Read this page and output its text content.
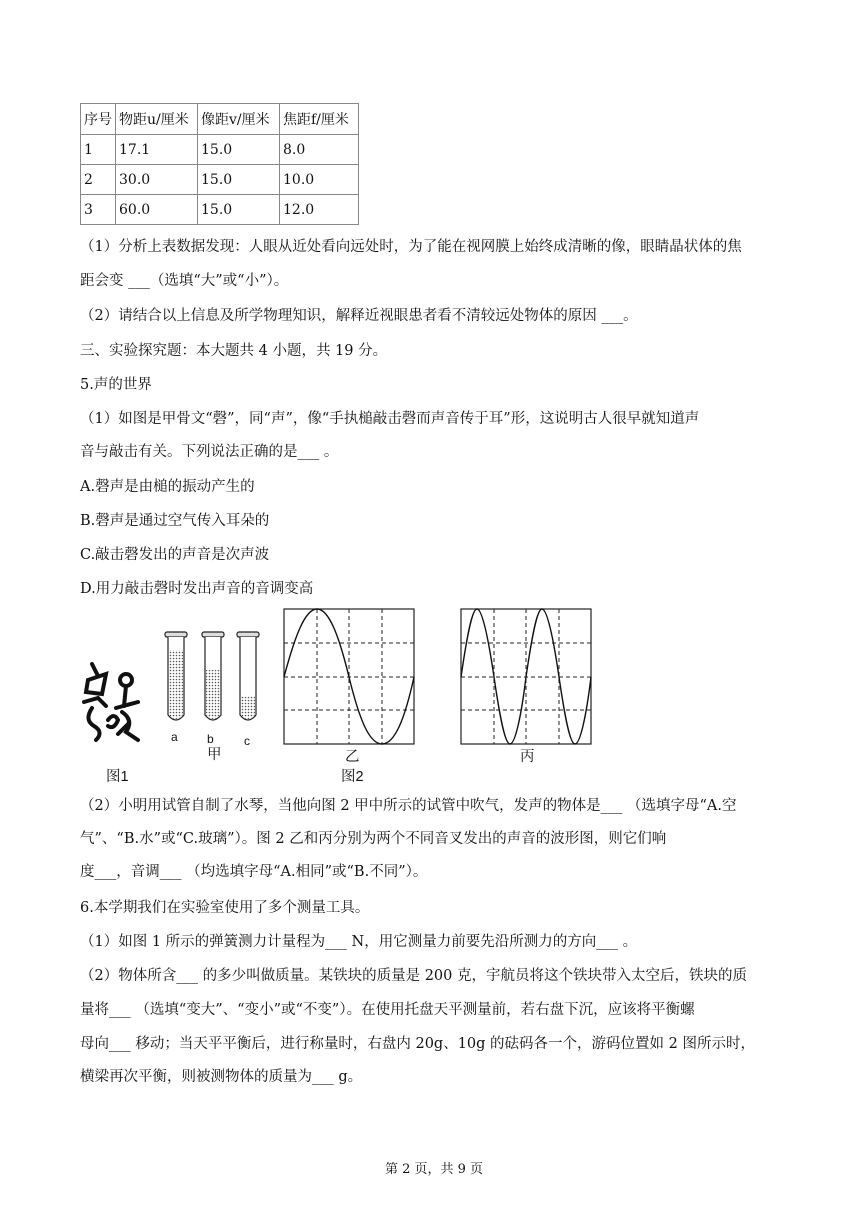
序号	物距u/厘米	像距v/厘米	焦距f/厘米
1	17.1	15.0	8.0
2	30.0	15.0	10.0
3	60.0	15.0	12.0
（1）分析上表数据发现：人眼从近处看向远处时，为了能在视网膜上始终成清晰的像，眼睛晶状体的焦
距会变 ___（选填“大”或“小”）。
（2）请结合以上信息及所学物理知识，解释近视眼患者看不清较远处物体的原因 ___。
三、实验探究题：本大题共 4 小题，共 19 分。
5.声的世界
（1）如图是甲骨文“磬”，同“声”，像“手执槌敲击磬而声音传于耳”形，这说明古人很早就知道声
音与敲击有关。下列说法正确的是___ 。
A.磬声是由槌的振动产生的
B.磬声是通过空气传入耳朵的
C.敲击磬发出的声音是次声波
D.用力敲击磬时发出声音的音调变高
a b	c
甲	乙	丙
图1	图2
（2）小明用试管自制了水琴，当他向图 2 甲中所示的试管中吹气，发声的物体是___ （选填字母“A.空
气”、“B.水”或“C.玻璃”）。图 2 乙和丙分别为两个不同音叉发出的声音的波形图，则它们响
度___，音调___ （均选填字母“A.相同”或“B.不同”）。
6.本学期我们在实验室使用了多个测量工具。
（1）如图 1 所示的弹簧测力计量程为___ N，用它测量力前要先沿所测力的方向___ 。
（2）物体所含___ 的多少叫做质量。某铁块的质量是 200 克，宇航员将这个铁块带入太空后，铁块的质
量将___ （选填“变大”、“变小”或“不变”）。在使用托盘天平测量前，若右盘下沉，应该将平衡螺
母向___ 移动；当天平平衡后，进行称量时，右盘内 20g、10g 的砝码各一个，游码位置如 2 图所示时，
横梁再次平衡，则被测物体的质量为___ g。
第 2 页，共 9 页
